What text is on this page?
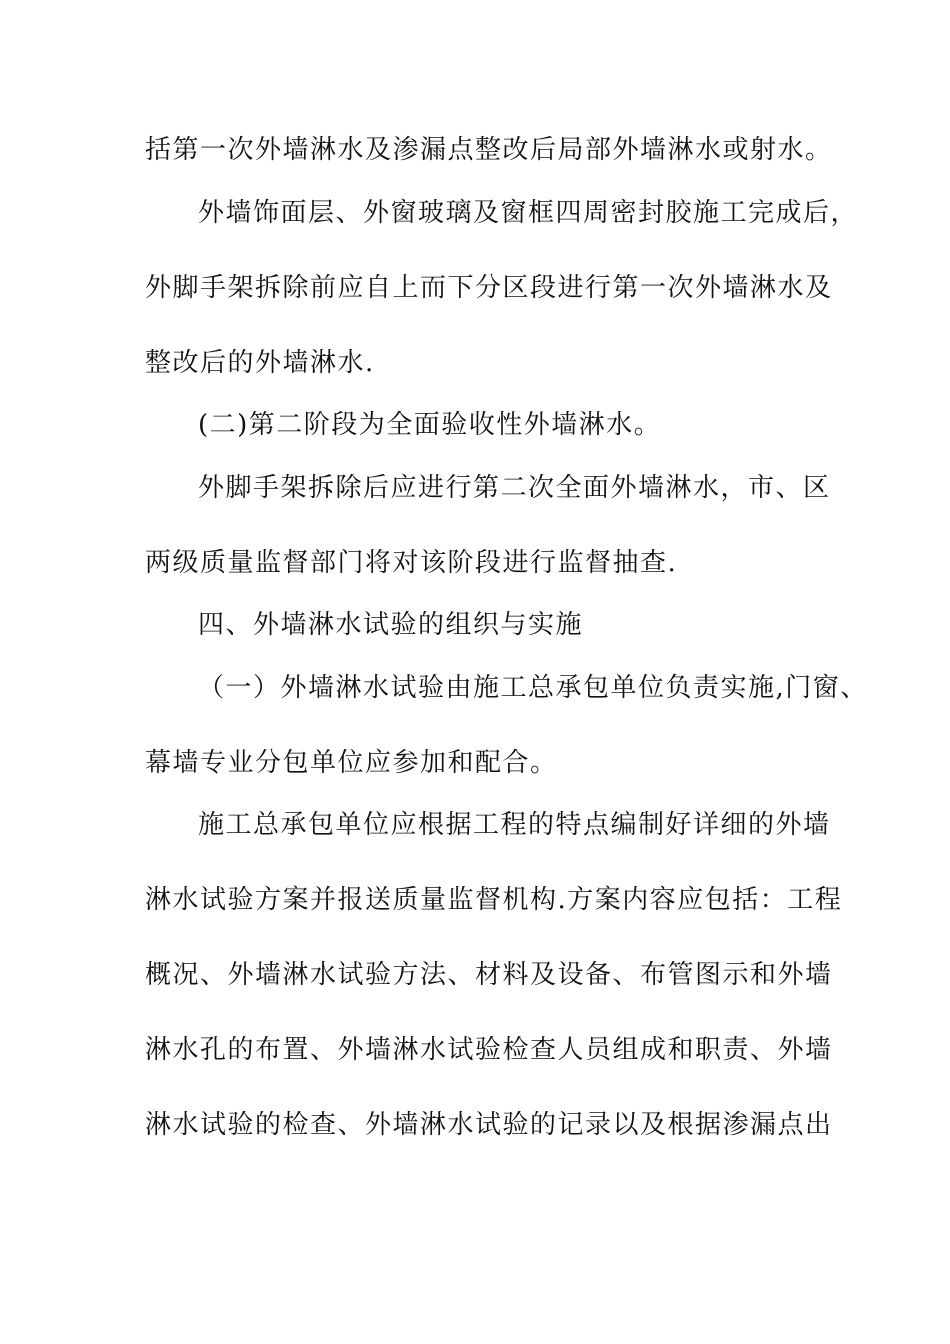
括第一次外墙淋水及渗漏点整改后局部外墙淋水或射水。
外墙饰面层、外窗玻璃及窗框四周密封胶施工完成后，
外脚手架拆除前应自上而下分区段进行第一次外墙淋水及
整改后的外墙淋水.
(二)第二阶段为全面验收性外墙淋水。
外脚手架拆除后应进行第二次全面外墙淋水，市、区
两级质量监督部门将对该阶段进行监督抽查.
四、外墙淋水试验的组织与实施
（一）外墙淋水试验由施工总承包单位负责实施,门窗、
幕墙专业分包单位应参加和配合。
施工总承包单位应根据工程的特点编制好详细的外墙
淋水试验方案并报送质量监督机构.方案内容应包括：工程
概况、外墙淋水试验方法、材料及设备、布管图示和外墙
淋水孔的布置、外墙淋水试验检查人员组成和职责、外墙
淋水试验的检查、外墙淋水试验的记录以及根据渗漏点出
